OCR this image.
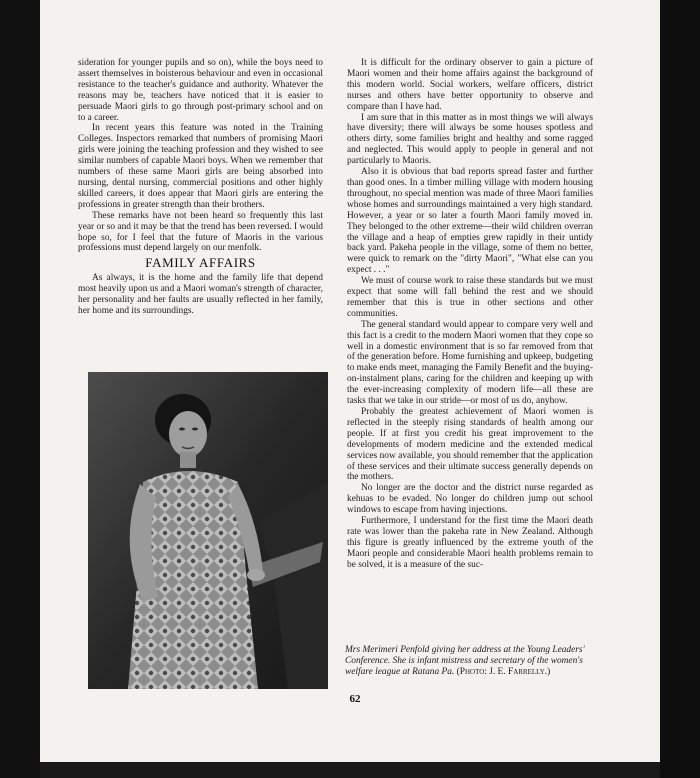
sideration for younger pupils and so on), while the boys need to assert themselves in boisterous behaviour and even in occasional resistance to the teacher's guidance and authority. Whatever the reasons may be, teachers have noticed that it is easier to persuade Maori girls to go through post-primary school and on to a career.

In recent years this feature was noted in the Training Colleges. Inspectors remarked that numbers of promising Maori girls were joining the teaching profession and they wished to see similar numbers of capable Maori boys. When we remember that numbers of these same Maori girls are being absorbed into nursing, dental nursing, commercial positions and other highly skilled careers, it does appear that Maori girls are entering the professions in greater strength than their brothers.

These remarks have not been heard so frequently this last year or so and it may be that the trend has been reversed. I would hope so, for I feel that the future of Maoris in the various professions must depend largely on our menfolk.

FAMILY AFFAIRS

As always, it is the home and the family life that depend most heavily upon us and a Maori woman's strength of character, her personality and her faults are usually reflected in her family, her home and its surroundings.

It is difficult for the ordinary observer to gain a picture of Maori women and their home affairs against the background of this modern world. Social workers, welfare officers, district nurses and others have better opportunity to observe and compare than I have had.

I am sure that in this matter as in most things we will always have diversity; there will always be some houses spotless and others dirty, some families bright and healthy and some ragged and neglected. This would apply to people in general and not particularly to Maoris.

Also it is obvious that bad reports spread faster and further than good ones. In a timber milling village with modern housing throughout, no special mention was made of three Maori families whose homes and surroundings maintained a very high standard. However, a year or so later a fourth Maori family moved in. They belonged to the other extreme—their wild children overran the village and a heap of empties grew rapidly in their untidy back yard. Pakeha people in the village, some of them no better, were quick to remark on the "dirty Maori", "What else can you expect . . ."

We must of course work to raise these standards but we must expect that some will fall behind the rest and we should remember that this is true in other sections and other communities.

The general standard would appear to compare very well and this fact is a credit to the modern Maori women that they cope so well in a domestic environment that is so far removed from that of the generation before. Home furnishing and upkeep, budgeting to make ends meet, managing the Family Benefit and the buying-on-instalment plans, caring for the children and keeping up with the ever-increasing complexity of modern life—all these are tasks that we take in our stride—or most of us do, anyhow.

Probably the greatest achievement of Maori women is reflected in the steeply rising standards of health among our people. If at first you credit his great improvement to the developments of modern medicine and the extended medical services now available, you should remember that the application of these services and their ultimate success generally depends on the mothers.

No longer are the doctor and the district nurse regarded as kehuas to be evaded. No longer do children jump out school windows to escape from having injections.

Furthermore, I understand for the first time the Maori death rate was lower than the pakeha rate in New Zealand. Although this figure is greatly influenced by the extreme youth of the Maori people and considerable Maori health problems remain to be solved, it is a measure of the suc-

Mrs Merimeri Penfold giving her address at the Young Leaders' Conference. She is infant mistress and secretary of the women's welfare league at Ratana Pa. (Photo: J. E. Farrelly.)
62
